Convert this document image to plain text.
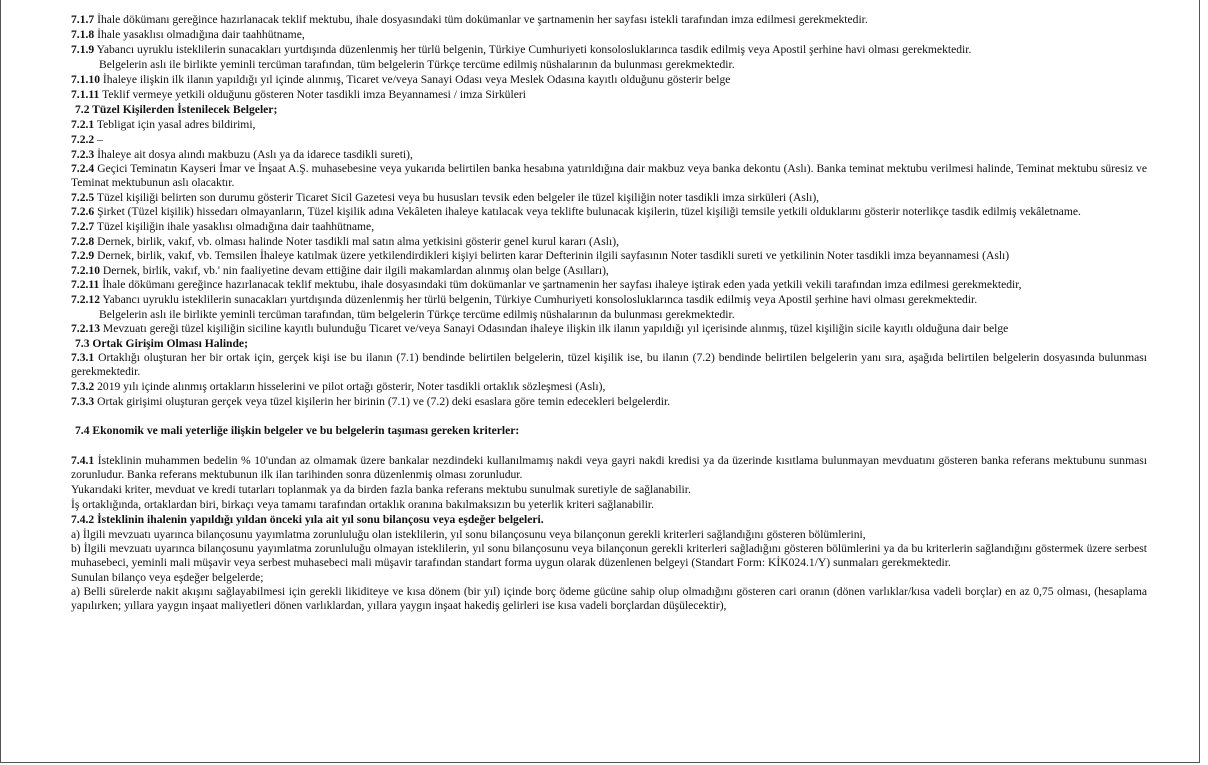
7.1.7 İhale dökümanı gereğince hazırlanacak teklif mektubu, ihale dosyasındaki tüm dokümanlar ve şartnamenin her sayfası istekli tarafından imza edilmesi gerekmektedir.
7.1.8 İhale yasaklısı olmadığına dair taahhütname,
7.1.9 Yabancı uyruklu isteklilerin sunacakları yurtdışında düzenlenmiş her türlü belgenin, Türkiye Cumhuriyeti konsolosluklarınca tasdik edilmiş veya Apostil şerhine havi olması gerekmektedir.
Belgelerin aslı ile birlikte yeminli tercüman tarafından, tüm belgelerin Türkçe tercüme edilmiş nüshalarının da bulunması gerekmektedir.
7.1.10 İhaleye ilişkin ilk ilanın yapıldığı yıl içinde alınmış, Ticaret ve/veya Sanayi Odası veya Meslek Odasına kayıtlı olduğunu gösterir belge
7.1.11 Teklif vermeye yetkili olduğunu gösteren Noter tasdikli imza Beyannamesi / imza Sirküleri
7.2 Tüzel Kişilerden İstenilecek Belgeler;
7.2.1 Tebligat için yasal adres bildirimi,
7.2.2 –
7.2.3 İhaleye ait dosya alındı makbuzu (Aslı ya da idarece tasdikli sureti),
7.2.4 Geçici Teminatın Kayseri İmar ve İnşaat A.Ş. muhasebesine veya yukarıda belirtilen banka hesabına yatırıldığına dair makbuz veya banka dekontu (Aslı). Banka teminat mektubu verilmesi halinde, Teminat mektubu süresiz ve Teminat mektubunun aslı olacaktır.
7.2.5 Tüzel kişiliği belirten son durumu gösterir Ticaret Sicil Gazetesi veya bu hususları tevsik eden belgeler ile tüzel kişiliğin noter tasdikli imza sirküleri (Aslı),
7.2.6 Şirket (Tüzel kişilik) hissedarı olmayanların, Tüzel kişilik adına Vekâleten ihaleye katılacak veya teklifte bulunacak kişilerin, tüzel kişiliği temsile yetkili olduklarını gösterir noterlikçe tasdik edilmiş vekâletname.
7.2.7 Tüzel kişiliğin ihale yasaklısı olmadığına dair taahhütname,
7.2.8 Dernek, birlik, vakıf, vb. olması halinde Noter tasdikli mal satın alma yetkisini gösterir genel kurul kararı (Aslı),
7.2.9 Dernek, birlik, vakıf, vb. Temsilen İhaleye katılmak üzere yetkilendirdikleri kişiyi belirten karar Defterinin ilgili sayfasının Noter tasdikli sureti ve yetkilinin Noter tasdikli imza beyannamesi (Aslı)
7.2.10 Dernek, birlik, vakıf, vb.' nin faaliyetine devam ettiğine dair ilgili makamlardan alınmış olan belge (Asılları),
7.2.11 İhale dökümanı gereğince hazırlanacak teklif mektubu, ihale dosyasındaki tüm dokümanlar ve şartnamenin her sayfası ihaleye iştirak eden yada yetkili vekili tarafından imza edilmesi gerekmektedir,
7.2.12 Yabancı uyruklu isteklilerin sunacakları yurtdışında düzenlenmiş her türlü belgenin, Türkiye Cumhuriyeti konsolosluklarınca tasdik edilmiş veya Apostil şerhine havi olması gerekmektedir.
Belgelerin aslı ile birlikte yeminli tercüman tarafından, tüm belgelerin Türkçe tercüme edilmiş nüshalarının da bulunması gerekmektedir.
7.2.13 Mevzuatı gereği tüzel kişiliğin siciline kayıtlı bulunduğu Ticaret ve/veya Sanayi Odasından ihaleye ilişkin ilk ilanın yapıldığı yıl içerisinde alınmış, tüzel kişiliğin sicile kayıtlı olduğuna dair belge
7.3 Ortak Girişim Olması Halinde;
7.3.1 Ortaklığı oluşturan her bir ortak için, gerçek kişi ise bu ilanın (7.1) bendinde belirtilen belgelerin, tüzel kişilik ise, bu ilanın (7.2) bendinde belirtilen belgelerin yanı sıra, aşağıda belirtilen belgelerin dosyasında bulunması gerekmektedir.
7.3.2 2019 yılı içinde alınmış ortakların hisselerini ve pilot ortağı gösterir, Noter tasdikli ortaklık sözleşmesi (Aslı),
7.3.3 Ortak girişimi oluşturan gerçek veya tüzel kişilerin her birinin (7.1) ve (7.2) deki esaslara göre temin edecekleri belgelerdir.
7.4 Ekonomik ve mali yeterliğe ilişkin belgeler ve bu belgelerin taşıması gereken kriterler:
7.4.1 İsteklinin muhammen bedelin % 10'undan az olmamak üzere bankalar nezdindeki kullanılmamış nakdi veya gayri nakdi kredisi ya da üzerinde kısıtlama bulunmayan mevduatını gösteren banka referans mektubunu sunması zorunludur. Banka referans mektubunun ilk ilan tarihinden sonra düzenlenmiş olması zorunludur.
Yukarıdaki kriter, mevduat ve kredi tutarları toplanmak ya da birden fazla banka referans mektubu sunulmak suretiyle de sağlanabilir.
İş ortaklığında, ortaklardan biri, birkaçı veya tamamı tarafından ortaklık oranına bakılmaksızın bu yeterlik kriteri sağlanabilir.
7.4.2 İsteklinin ihalenin yapıldığı yıldan önceki yıla ait yıl sonu bilançosu veya eşdeğer belgeleri.
a) İlgili mevzuatı uyarınca bilançosunu yayımlatma zorunluluğu olan isteklilerin, yıl sonu bilançosunu veya bilançonun gerekli kriterleri sağlandığını gösteren bölümlerini,
b) İlgili mevzuatı uyarınca bilançosunu yayımlatma zorunluluğu olmayan isteklilerin, yıl sonu bilançosunu veya bilançonun gerekli kriterleri sağladığını gösteren bölümlerini ya da bu kriterlerin sağlandığını göstermek üzere serbest muhasebeci, yeminli mali müşavir veya serbest muhasebeci mali müşavir tarafından standart forma uygun olarak düzenlenen belgeyi (Standart Form: KİK024.1/Y) sunmaları gerekmektedir.
Sunulan bilanço veya eşdeğer belgelerde;
a) Belli sürelerde nakit akışını sağlayabilmesi için gerekli likiditeye ve kısa dönem (bir yıl) içinde borç ödeme gücüne sahip olup olmadığını gösteren cari oranın (dönen varlıklar/kısa vadeli borçlar) en az 0,75 olması, (hesaplama yapılırken; yıllara yaygın inşaat maliyetleri dönen varlıklardan, yıllara yaygın inşaat hakediş gelirleri ise kısa vadeli borçlardan düşülecektir),
